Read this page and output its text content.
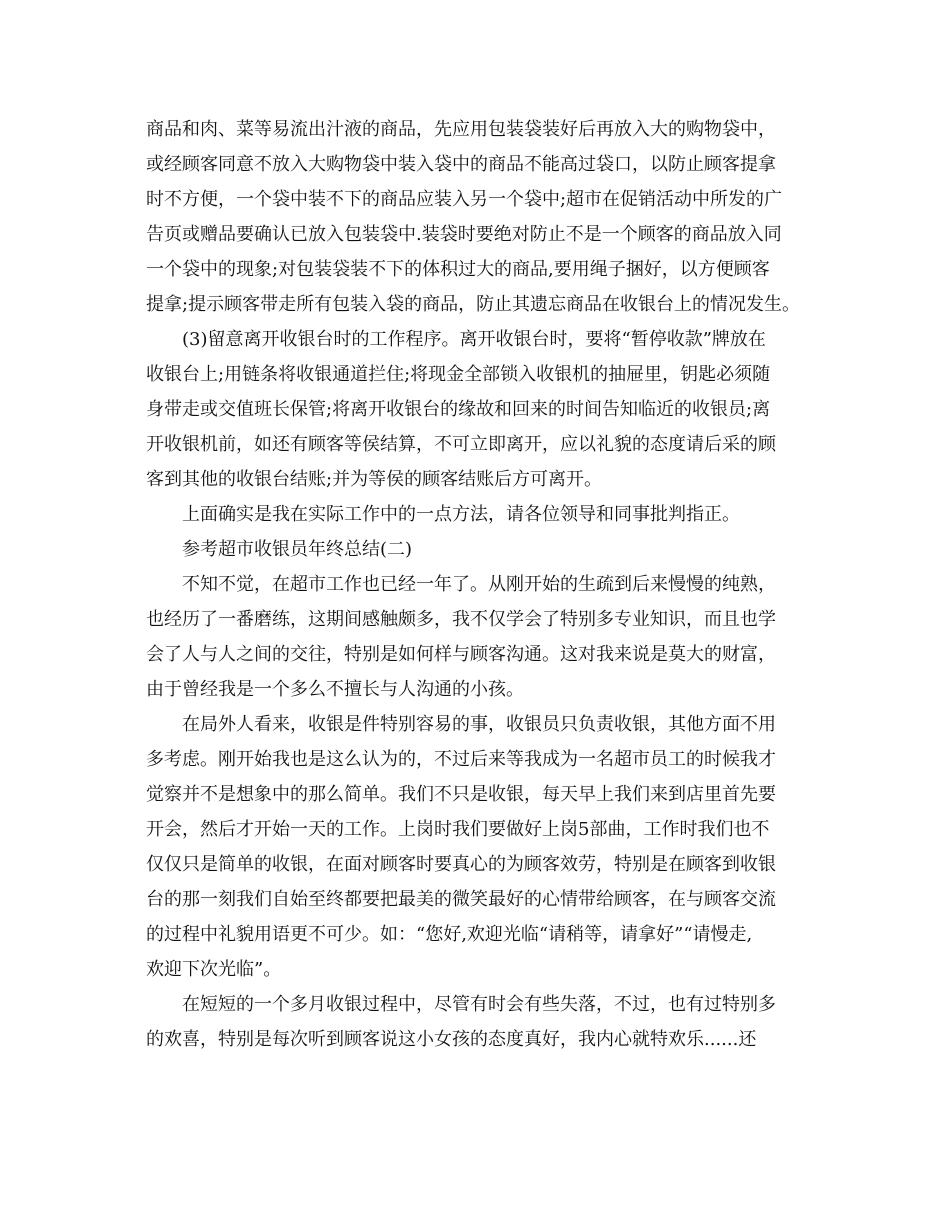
商品和肉、菜等易流出汁液的商品，先应用包装袋装好后再放入大的购物袋中，
或经顾客同意不放入大购物袋中装入袋中的商品不能高过袋口，以防止顾客提拿
时不方便，一个袋中装不下的商品应装入另一个袋中;超市在促销活动中所发的广
告页或赠品要确认已放入包装袋中.装袋时要绝对防止不是一个顾客的商品放入同
一个袋中的现象;对包装袋装不下的体积过大的商品,要用绳子捆好，以方便顾客
提拿;提示顾客带走所有包装入袋的商品，防止其遗忘商品在收银台上的情况发生。
(3)留意离开收银台时的工作程序。离开收银台时，要将“暂停收款”牌放在
收银台上;用链条将收银通道拦住;将现金全部锁入收银机的抽屉里，钥匙必须随
身带走或交值班长保管;将离开收银台的缘故和回来的时间告知临近的收银员;离
开收银机前，如还有顾客等侯结算，不可立即离开，应以礼貌的态度请后采的顾
客到其他的收银台结账;并为等侯的顾客结账后方可离开。
上面确实是我在实际工作中的一点方法，请各位领导和同事批判指正。
参考超市收银员年终总结(二)
不知不觉，在超市工作也已经一年了。从刚开始的生疏到后来慢慢的纯熟，
也经历了一番磨练，这期间感触颇多，我不仅学会了特别多专业知识，而且也学
会了人与人之间的交往，特别是如何样与顾客沟通。这对我来说是莫大的财富，
由于曾经我是一个多么不擅长与人沟通的小孩。
在局外人看来，收银是件特别容易的事，收银员只负责收银，其他方面不用
多考虑。刚开始我也是这么认为的，不过后来等我成为一名超市员工的时候我才
觉察并不是想象中的那么简单。我们不只是收银，每天早上我们来到店里首先要
开会，然后才开始一天的工作。上岗时我们要做好上岗5部曲，工作时我们也不
仅仅只是简单的收银，在面对顾客时要真心的为顾客效劳，特别是在顾客到收银
台的那一刻我们自始至终都要把最美的微笑最好的心情带给顾客，在与顾客交流
的过程中礼貌用语更不可少。如：“您好,欢迎光临“请稍等，请拿好”“请慢走,
欢迎下次光临”。
在短短的一个多月收银过程中，尽管有时会有些失落，不过，也有过特别多
的欢喜，特别是每次听到顾客说这小女孩的态度真好，我内心就特欢乐......还
